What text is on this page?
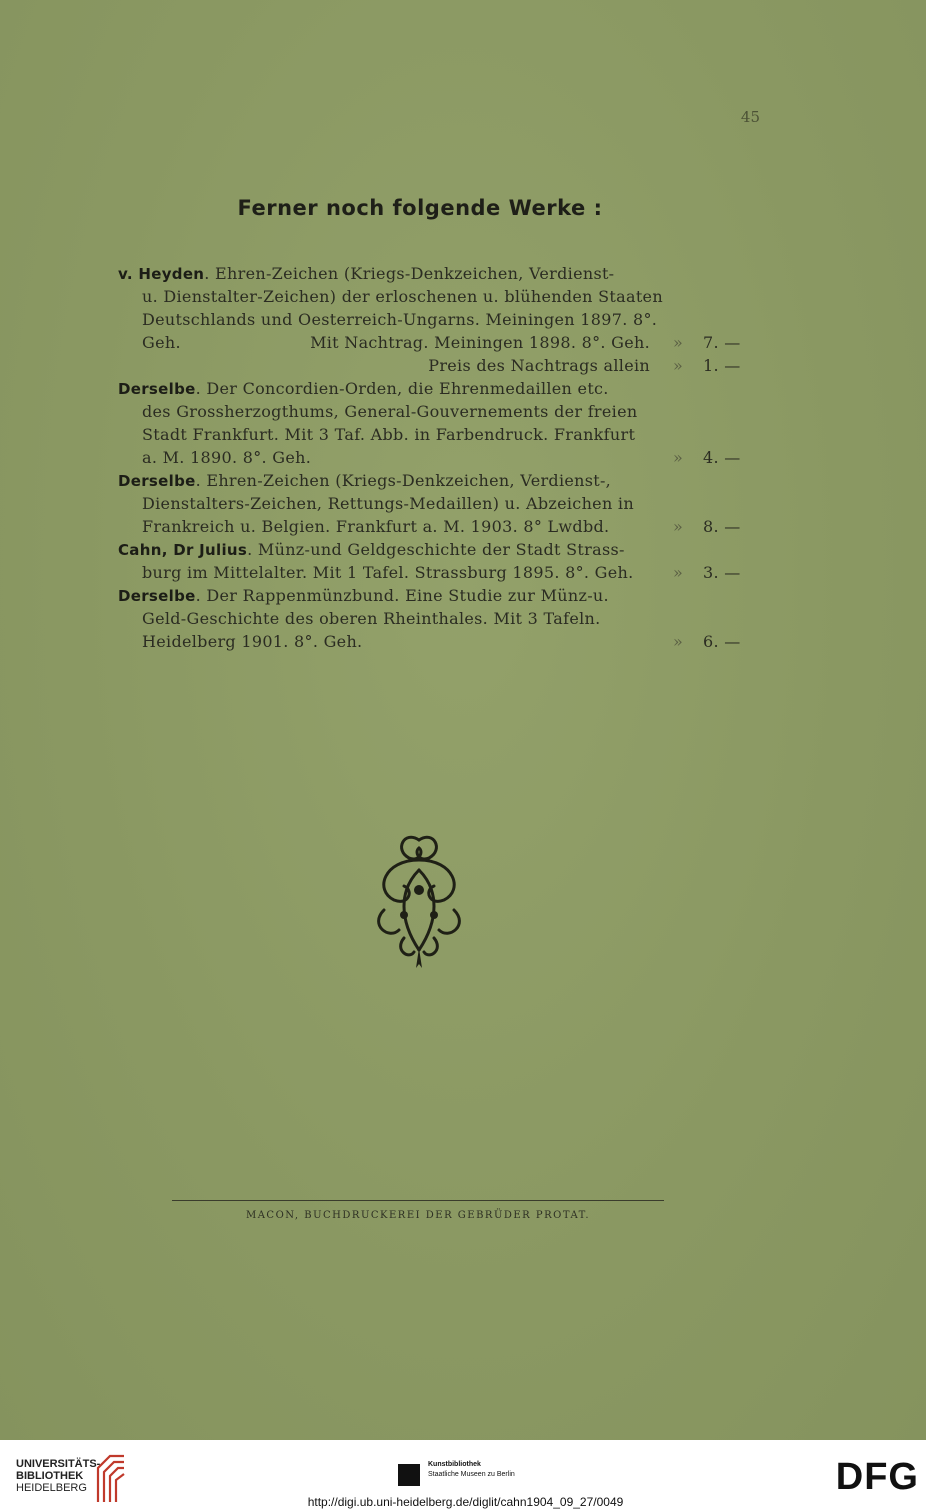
45
Ferner noch folgende Werke :
v. Heyden. Ehren-Zeichen (Kriegs-Denkzeichen, Verdienst-
u. Dienstalter-Zeichen) der erloschenen u. blühenden Staaten
Deutschlands und Oesterreich-Ungarns. Meiningen 1897. 8°.
Geh.	Mit Nachtrag. Meiningen 1898. 8°. Geh. » 7. —
Preis des Nachtrags allein » 1. —
Derselbe. Der Concordien-Orden, die Ehrenmedaillen etc.
des Grossherzogthums, General-Gouvernements der freien
Stadt Frankfurt. Mit 3 Taf. Abb. in Farbendruck. Frankfurt
a. M. 1890. 8°. Geh.	» 4. —
Derselbe. Ehren-Zeichen (Kriegs-Denkzeichen, Verdienst-,
Dienstalters-Zeichen, Rettungs-Medaillen) u. Abzeichen in
Frankreich u. Belgien. Frankfurt a. M. 1903. 8° Lwdbd.	» 8. —
Cahn, Dr Julius. Münz-und Geldgeschichte der Stadt Strass-
burg im Mittelalter. Mit 1 Tafel. Strassburg 1895. 8°. Geh. » 3. —
Derselbe. Der Rappenmünzbund. Eine Studie zur Münz-u.
Geld-Geschichte des oberen Rheinthales. Mit 3 Tafeln.
Heidelberg 1901. 8°. Geh.	» 6. —
MACON, BUCHDRUCKEREI DER GEBRÜDER PROTAT.
UNIVERSITÄTS-
BIBLIOTHEK
HEIDELBERG
Kunstbibliothek
Staatliche Museen zu Berlin	DFG
http://digi.ub.uni-heidelberg.de/diglit/cahn1904_09_27/0049
